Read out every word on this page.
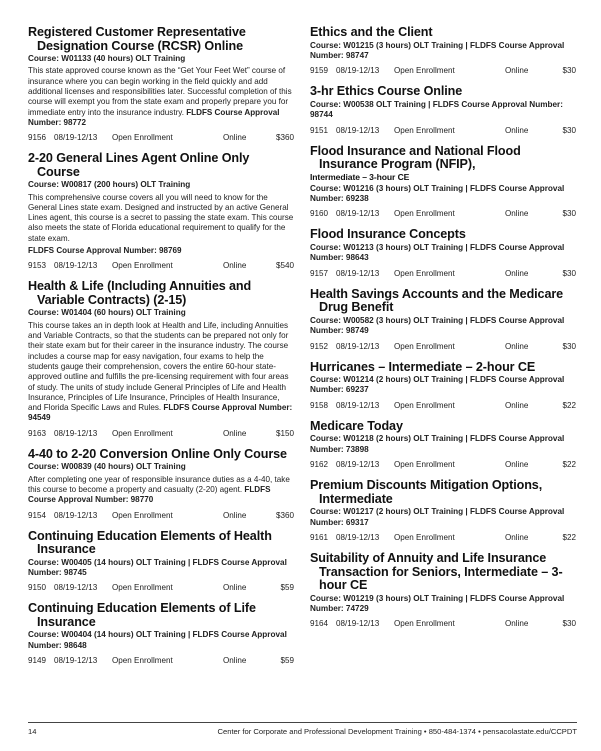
Registered Customer Representative Designation Course (RCSR) Online
Course: W01133 (40 hours) OLT Training
This state approved course known as the “Get Your Feet Wet” course of insurance where you can begin working in the field quickly and add additional licenses and responsibilities later. Successful completion of this course will exempt you from the state exam and properly prepare you for immediate entry into the insurance industry. FLDFS Course Approval Number: 98772
9156 08/19-12/13	Open Enrollment	Online	$360
2-20 General Lines Agent Online Only Course
Course: W00817 (200 hours) OLT Training
This comprehensive course covers all you will need to know for the General Lines state exam. Designed and instructed by an active General Lines agent, this course is a secret to passing the state exam. This course also meets the state of Florida educational requirement to qualify for the state exam.
FLDFS Course Approval Number: 98769
9153 08/19-12/13	Open Enrollment	Online	$540
Health & Life (Including Annuities and Variable Contracts) (2-15)
Course: W01404 (60 hours) OLT Training
This course takes an in depth look at Health and Life, including Annuities and Variable Contracts, so that the students can be prepared not only for their state exam but for their career in the insurance industry. The course includes a course map for easy navigation, four exams to help the students gauge their comprehension, covers the entire 60-hour state-approved outline and fulfills the pre-licensing requirement with four areas of study. The units of study include General Principles of Life and Health Insurance, Principles of Life Insurance, Principles of Health Insurance, and Florida Specific Laws and Rules. FLDFS Course Approval Number: 94549
9163 08/19-12/13	Open Enrollment	Online	$150
4-40 to 2-20 Conversion Online Only Course
Course: W00839 (40 hours) OLT Training
After completing one year of responsible insurance duties as a 4-40, take this course to become a property and casualty (2-20) agent. FLDFS Course Approval Number: 98770
9154 08/19-12/13	Open Enrollment	Online	$360
Continuing Education Elements of Health Insurance
Course: W00405 (14 hours) OLT Training | FLDFS Course Approval Number: 98745
9150 08/19-12/13	Open Enrollment	Online	$59
Continuing Education Elements of Life Insurance
Course: W00404 (14 hours) OLT Training | FLDFS Course Approval Number: 98648
9149 08/19-12/13	Open Enrollment	Online	$59
Ethics and the Client
Course: W01215 (3 hours) OLT Training | FLDFS Course Approval Number: 98747
9159 08/19-12/13	Open Enrollment	Online	$30
3-hr Ethics Course Online
Course: W00538 OLT Training | FLDFS Course Approval Number: 98744
9151 08/19-12/13	Open Enrollment	Online	$30
Flood Insurance and National Flood Insurance Program (NFIP),
Intermediate – 3-hour CE
Course: W01216 (3 hours) OLT Training | FLDFS Course Approval Number: 69238
9160 08/19-12/13	Open Enrollment	Online	$30
Flood Insurance Concepts
Course: W01213 (3 hours) OLT Training | FLDFS Course Approval Number: 98643
9157 08/19-12/13	Open Enrollment	Online	$30
Health Savings Accounts and the Medicare Drug Benefit
Course: W00582 (3 hours) OLT Training | FLDFS Course Approval Number: 98749
9152 08/19-12/13	Open Enrollment	Online	$30
Hurricanes – Intermediate – 2-hour CE
Course: W01214 (2 hours) OLT Training | FLDFS Course Approval Number: 69237
9158 08/19-12/13	Open Enrollment	Online	$22
Medicare Today
Course: W01218 (2 hours) OLT Training | FLDFS Course Approval Number: 73898
9162 08/19-12/13	Open Enrollment	Online	$22
Premium Discounts Mitigation Options, Intermediate
Course: W01217 (2 hours) OLT Training | FLDFS Course Approval Number: 69317
9161 08/19-12/13	Open Enrollment	Online	$22
Suitability of Annuity and Life Insurance Transaction for Seniors, Intermediate – 3-hour CE
Course: W01219 (3 hours) OLT Training | FLDFS Course Approval Number: 74729
9164 08/19-12/13	Open Enrollment	Online	$30
14	Center for Corporate and Professional Development Training • 850-484-1374 • pensacolastate.edu/CCPDT
